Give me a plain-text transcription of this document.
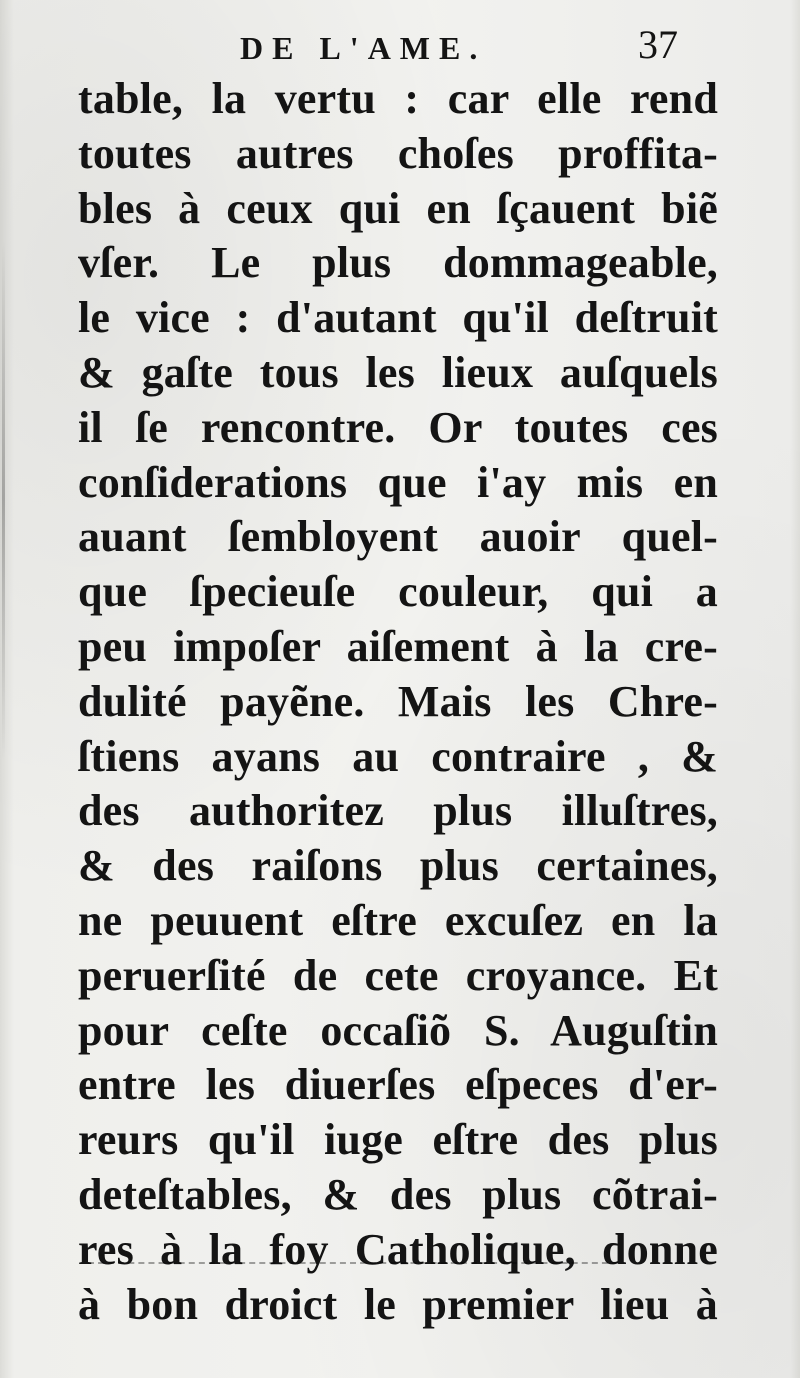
DE L'AME.	37
table, la vertu : car elle rend
toutes autres choſes proffita-
bles à ceux qui en ſçauent biẽ
vſer. Le plus dommageable,
le vice : d'autant qu'il deſtruit
& gaſte tous les lieux auſquels
il ſe rencontre. Or toutes ces
conſiderations que i'ay mis en
auant ſembloyent auoir quel-
que ſpecieuſe couleur, qui a
peu impoſer aiſement à la cre-
dulité payẽne. Mais les Chre-
ſtiens ayans au contraire , &
des authoritez plus illuſtres,
& des raiſons plus certaines,
ne peuuent eſtre excuſez en la
peruerſité de cete croyance. Et
pour ceſte occaſiõ S. Auguſtin
entre les diuerſes eſpeces d'er-
reurs qu'il iuge eſtre des plus
deteſtables, & des plus cõtrai-
res à la foy Catholique, donne
à bon droict le premier lieu à
